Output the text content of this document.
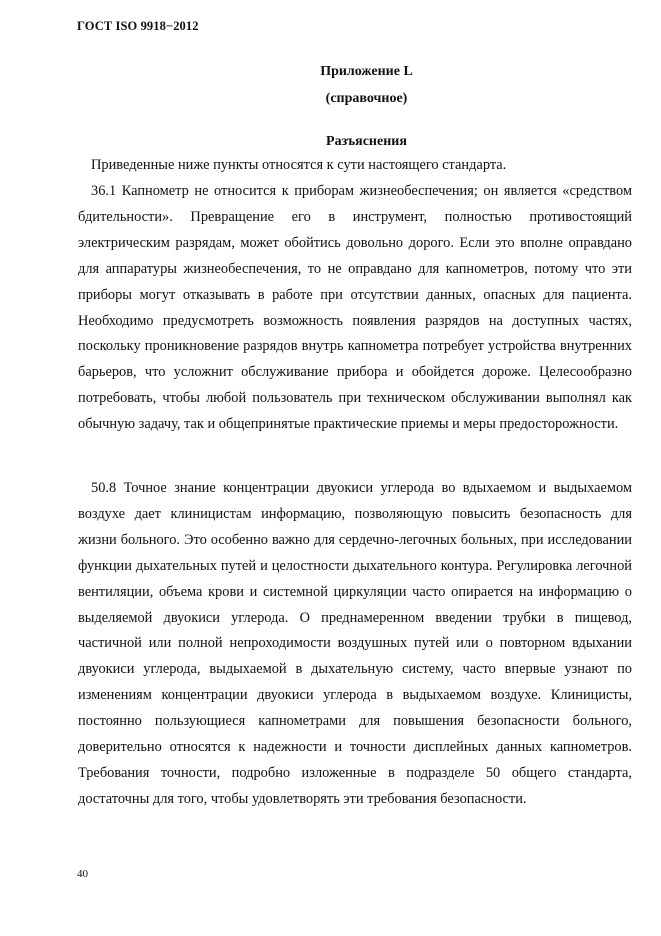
ГОСТ ISO 9918−2012
Приложение L
(справочное)
Разъяснения

Приведенные ниже пункты относятся к сути настоящего стандарта.

36.1 Капнометр не относится к приборам жизнеобеспечения; он является «средством бдительности». Превращение его в инструмент, полностью противостоящий электрическим разрядам, может обойтись довольно дорого. Если это вполне оправдано для аппаратуры жизнеобеспечения, то не оправдано для капнометров, потому что эти приборы могут отказывать в работе при отсутствии данных, опасных для пациента. Необходимо предусмотреть возможность появления разрядов на доступных частях, поскольку проникновение разрядов внутрь капнометра потребует устройства внутренних барьеров, что усложнит обслуживание прибора и обойдется дороже. Целесообразно потребовать, чтобы любой пользователь при техническом обслуживании выполнял как обычную задачу, так и общепринятые практические приемы и меры предосторожности.

50.8 Точное знание концентрации двуокиси углерода во вдыхаемом и выдыхаемом воздухе дает клиницистам информацию, позволяющую повысить безопасность для жизни больного. Это особенно важно для сердечно-легочных больных, при исследовании функции дыхательных путей и целостности дыхательного контура. Регулировка легочной вентиляции, объема крови и системной циркуляции часто опирается на информацию о выделяемой двуокиси углерода. О преднамеренном введении трубки в пищевод, частичной или полной непроходимости воздушных путей или о повторном вдыхании двуокиси углерода, выдыхаемой в дыхательную систему, часто впервые узнают по изменениям концентрации двуокиси углерода в выдыхаемом воздухе. Клиницисты, постоянно пользующиеся капнометрами для повышения безопасности больного, доверительно относятся к надежности и точности дисплейных данных капнометров. Требования точности, подробно изложенные в подразделе 50 общего стандарта, достаточны для того, чтобы удовлетворять эти требования безопасности.

40
